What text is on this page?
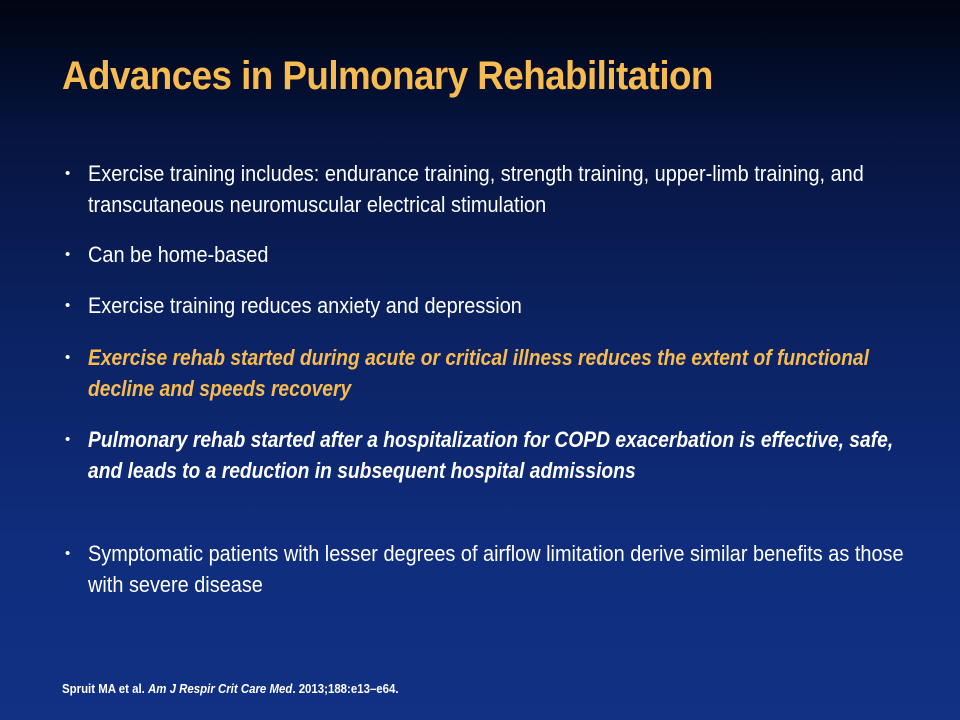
Advances in Pulmonary Rehabilitation
• Exercise training includes: endurance training, strength training, upper-limb training, and transcutaneous neuromuscular electrical stimulation
• Can be home-based
• Exercise training reduces anxiety and depression
• Exercise rehab started during acute or critical illness reduces the extent of functional decline and speeds recovery
• Pulmonary rehab started after a hospitalization for COPD exacerbation is effective, safe, and leads to a reduction in subsequent hospital admissions
• Symptomatic patients with lesser degrees of airflow limitation derive similar benefits as those with severe disease
Spruit MA et al. Am J Respir Crit Care Med. 2013;188:e13–e64.
